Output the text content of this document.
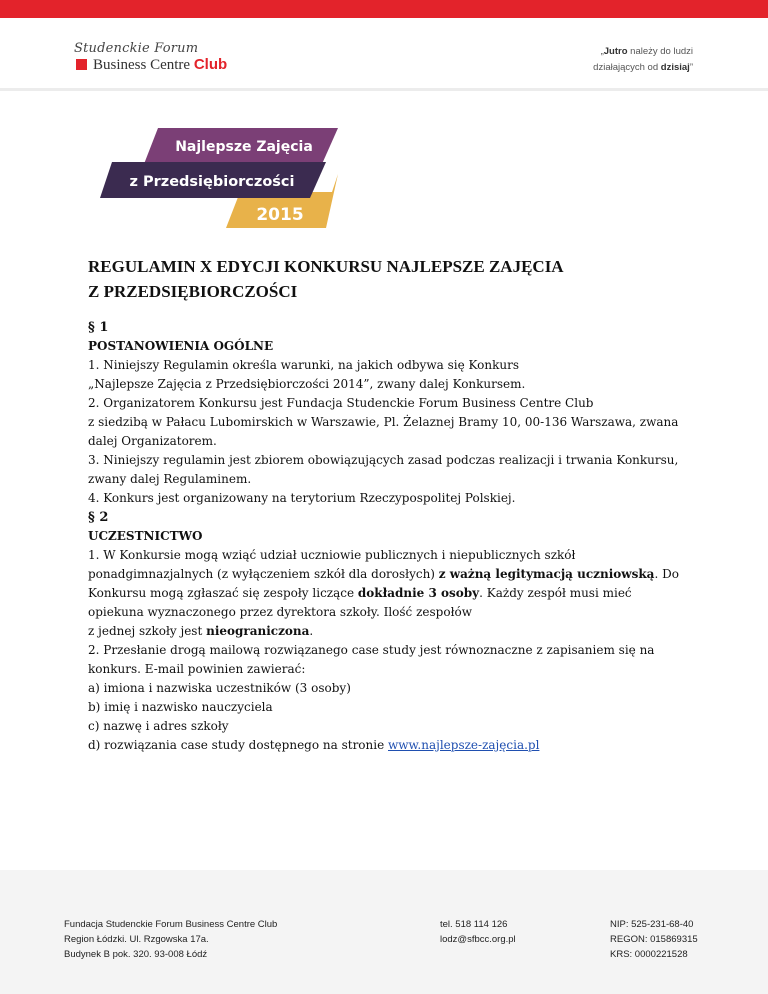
Studenckie Forum
Business Centre Club
„Jutro należy do ludzi
działających od dzisiaj”
Najlepsze Zajęcia
z Przedsiębiorczości
2015
REGULAMIN X EDYCJI KONKURSU NAJLEPSZE ZAJĘCIA
Z PRZEDSIĘBIORCZOŚCI

§ 1

POSTANOWIENIA OGÓLNE
1. Niniejszy Regulamin określa warunki, na jakich odbywa się Konkurs

„Najlepsze Zajęcia z Przedsiębiorczości 2014”, zwany dalej Konkursem.
2. Organizatorem Konkursu jest Fundacja Studenckie Forum Business Centre Club

z siedzibą w Pałacu Lubomirskich w Warszawie, Pl. Żelaznej Bramy 10, 00-136 Warszawa, zwana dalej Organizatorem.

3. Niniejszy regulamin jest zbiorem obowiązujących zasad podczas realizacji i trwania Konkursu, zwany dalej Regulaminem.
4. Konkurs jest organizowany na terytorium Rzeczypospolitej Polskiej.

§ 2

UCZESTNICTWO
1. W Konkursie mogą wziąć udział uczniowie publicznych i niepublicznych szkół ponadgimnazjalnych (z wyłączeniem szkół dla dorosłych) z ważną legitymacją uczniowską. Do Konkursu mogą zgłaszać się zespoły liczące dokładnie 3 osoby. Każdy zespół musi mieć opiekuna wyznaczonego przez dyrektora szkoły. Ilość zespołów
z jednej szkoły jest nieograniczona.
2. Przesłanie drogą mailową rozwiązanego case study jest równoznaczne z zapisaniem się na konkurs. E-mail powinien zawierać:

a) imiona i nazwiska uczestników (3 osoby)

b) imię i nazwisko nauczyciela

c) nazwę i adres szkoły

d) rozwiązania case study dostępnego na stronie www.najlepsze-zajęcia.pl

Fundacja Studenckie Forum Business Centre Club
Region Łódzki. Ul. Rzgowska 17a.
Budynek B pok. 320. 93-008 Łódź
tel. 518 114 126
lodz@sfbcc.org.pl
NIP: 525-231-68-40
REGON: 015869315
KRS: 0000221528
